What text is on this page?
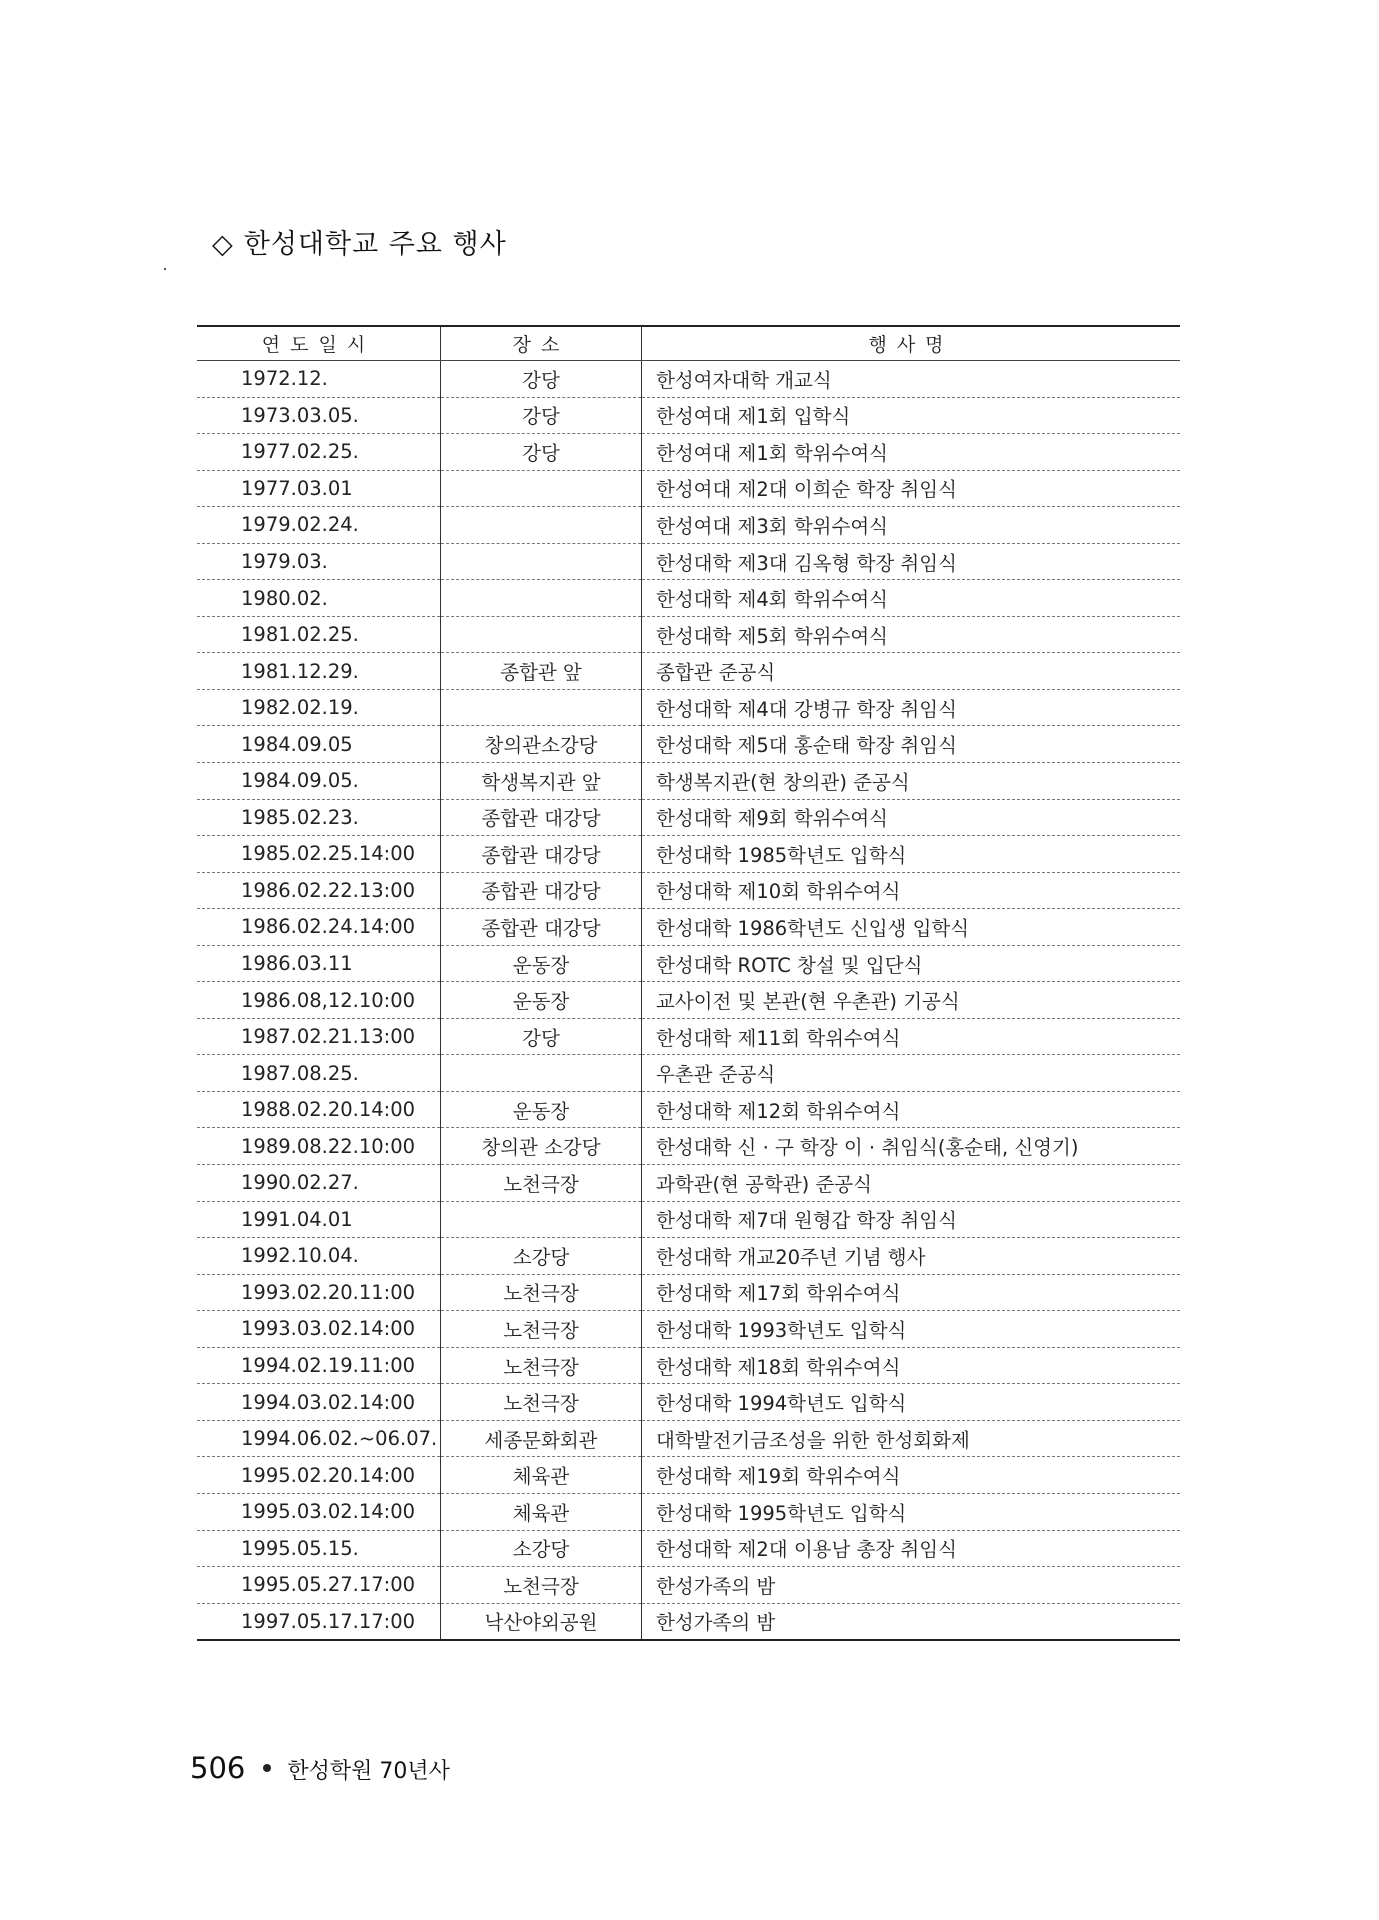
◇ 한성대학교 주요 행사
연도일시	장소	행사명
1972.12.	강당	한성여자대학 개교식
1973.03.05.	강당	한성여대 제1회 입학식
1977.02.25.	강당	한성여대 제1회 학위수여식
1977.03.01		한성여대 제2대 이희순 학장 취임식
1979.02.24.		한성여대 제3회 학위수여식
1979.03.		한성대학 제3대 김옥형 학장 취임식
1980.02.		한성대학 제4회 학위수여식
1981.02.25.		한성대학 제5회 학위수여식
1981.12.29.	종합관 앞	종합관 준공식
1982.02.19.		한성대학 제4대 강병규 학장 취임식
1984.09.05	창의관소강당	한성대학 제5대 홍순태 학장 취임식
1984.09.05.	학생복지관 앞	학생복지관(현 창의관) 준공식
1985.02.23.	종합관 대강당	한성대학 제9회 학위수여식
1985.02.25.14:00	종합관 대강당	한성대학 1985학년도 입학식
1986.02.22.13:00	종합관 대강당	한성대학 제10회 학위수여식
1986.02.24.14:00	종합관 대강당	한성대학 1986학년도 신입생 입학식
1986.03.11	운동장	한성대학 ROTC 창설 및 입단식
1986.08,12.10:00	운동장	교사이전 및 본관(현 우촌관) 기공식
1987.02.21.13:00	강당	한성대학 제11회 학위수여식
1987.08.25.		우촌관 준공식
1988.02.20.14:00	운동장	한성대학 제12회 학위수여식
1989.08.22.10:00	창의관 소강당	한성대학 신 · 구 학장 이 · 취임식(홍순태, 신영기)
1990.02.27.	노천극장	과학관(현 공학관) 준공식
1991.04.01		한성대학 제7대 원형갑 학장 취임식
1992.10.04.	소강당	한성대학 개교20주년 기념 행사
1993.02.20.11:00	노천극장	한성대학 제17회 학위수여식
1993.03.02.14:00	노천극장	한성대학 1993학년도 입학식
1994.02.19.11:00	노천극장	한성대학 제18회 학위수여식
1994.03.02.14:00	노천극장	한성대학 1994학년도 입학식
1994.06.02.~06.07.	세종문화회관	대학발전기금조성을 위한 한성회화제
1995.02.20.14:00	체육관	한성대학 제19회 학위수여식
1995.03.02.14:00	체육관	한성대학 1995학년도 입학식
1995.05.15.	소강당	한성대학 제2대 이용남 총장 취임식
1995.05.27.17:00	노천극장	한성가족의 밤
1997.05.17.17:00	낙산야외공원	한성가족의 밤
506 한성학원 70년사
